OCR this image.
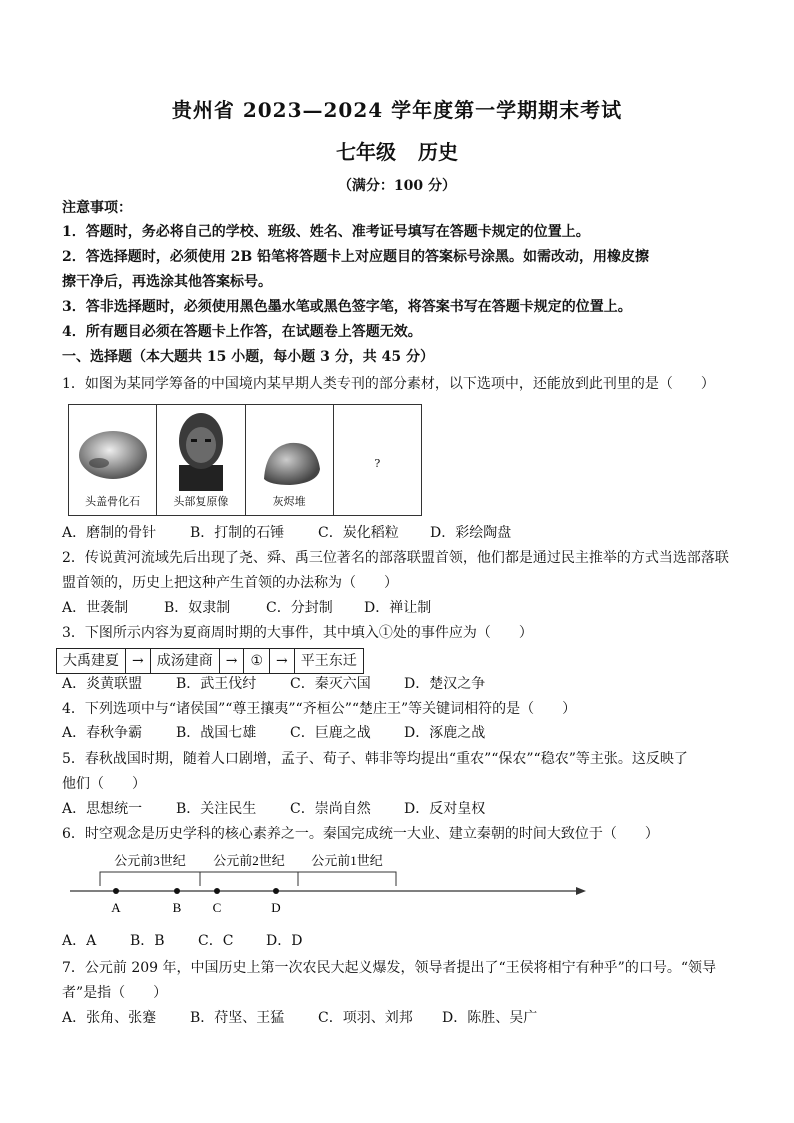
贵州省 2023—2024 学年度第一学期期末考试
七年级 历史
（满分：100 分）
注意事项：
1．答题时，务必将自己的学校、班级、姓名、准考证号填写在答题卡规定的位置上。
2．答选择题时，必须使用 2B 铅笔将答题卡上对应题目的答案标号涂黑。如需改动，用橡皮擦
擦干净后，再选涂其他答案标号。
3．答非选择题时，必须使用黑色墨水笔或黑色签字笔，将答案书写在答题卡规定的位置上。
4．所有题目必须在答题卡上作答，在试题卷上答题无效。
一、选择题（本大题共 15 小题，每小题 3 分，共 45 分）
1．如图为某同学筹备的中国境内某早期人类专刊的部分素材，以下选项中，还能放到此刊里的是（　　）
头盖骨化石	头部复原像	灰烬堆
?
A．磨制的骨针 B．打制的石锤 C．炭化稻粒 D．彩绘陶盘
2．传说黄河流域先后出现了尧、舜、禹三位著名的部落联盟首领，他们都是通过民主推举的方式当选部落联
盟首领的，历史上把这种产生首领的办法称为（　　）
A．世袭制	B．奴隶制	C．分封制 D．禅让制
3．下图所示内容为夏商周时期的大事件，其中填入①处的事件应为（　　）
大禹建夏 → 成汤建商 → ① → 平王东迁
A．炎黄联盟 B．武王伐纣 C．秦灭六国 D．楚汉之争
4．下列选项中与“诸侯国”“尊王攘夷”“齐桓公”“楚庄王”等关键词相符的是（　　）
A．春秋争霸 B．战国七雄 C．巨鹿之战 D．涿鹿之战
5．春秋战国时期，随着人口剧增，孟子、荀子、韩非等均提出“重农”“保农”“稳农”等主张。这反映了
他们（　　）
A．思想统一 B．关注民生 C．崇尚自然 D．反对皇权
6．时空观念是历史学科的核心素养之一。秦国完成统一大业、建立秦朝的时间大致位于（　　）
公元前3世纪 公元前2世纪 公元前1世纪
A	B C	D
A．A B．B C．C D．D
7．公元前 209 年，中国历史上第一次农民大起义爆发，领导者提出了“王侯将相宁有种乎”的口号。“领导
者”是指（　　）
A．张角、张蹇 B．苻坚、王猛 C．项羽、刘邦 D．陈胜、吴广
